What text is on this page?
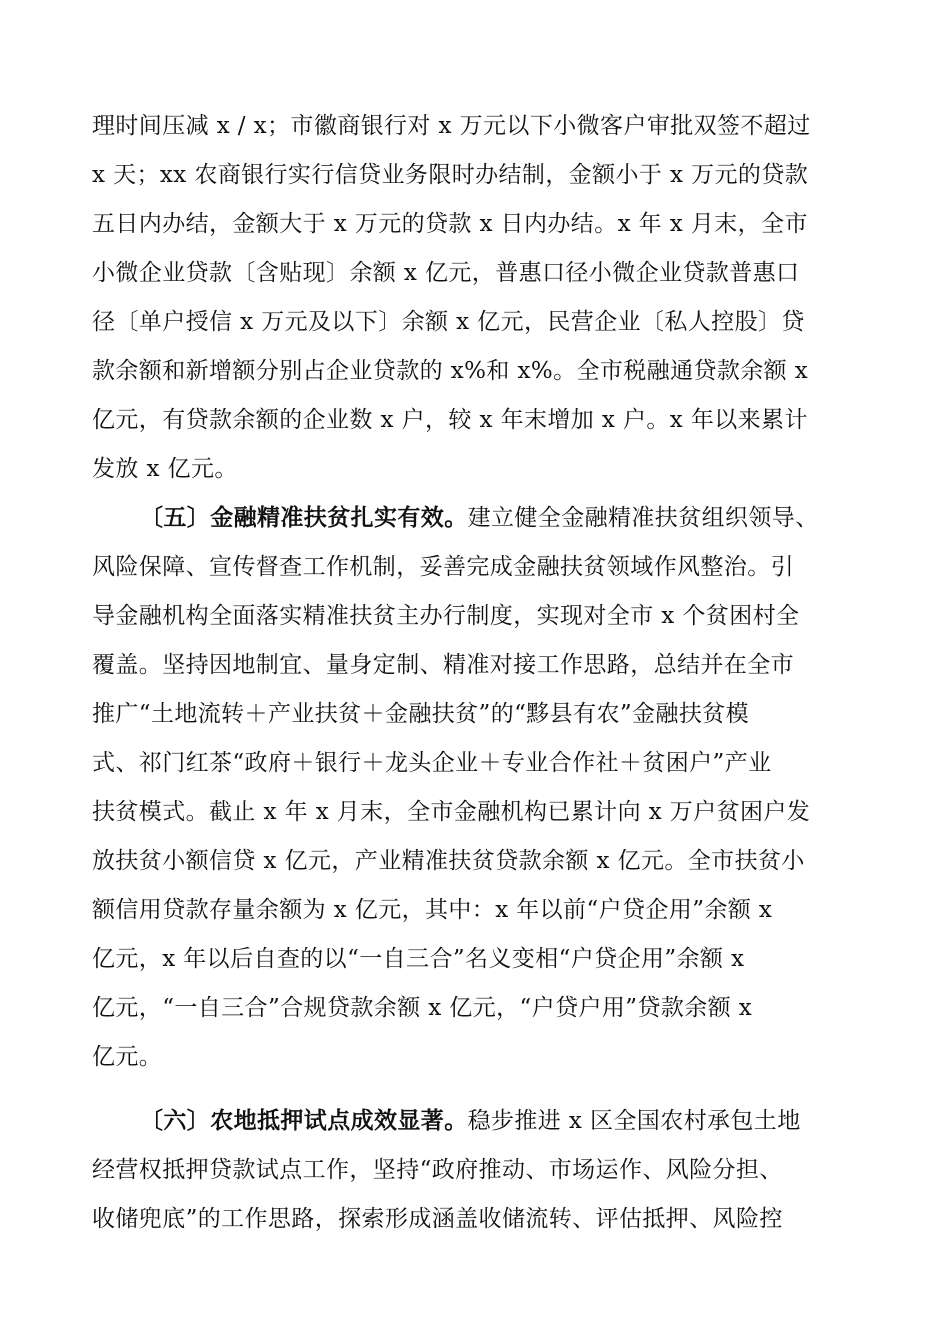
理时间压减 x / x；市徽商银行对 x 万元以下小微客户审批双签不超过
x 天；xx 农商银行实行信贷业务限时办结制，金额小于 x 万元的贷款
五日内办结，金额大于 x 万元的贷款 x 日内办结。x 年 x 月末，全市
小微企业贷款〔含贴现〕余额 x 亿元，普惠口径小微企业贷款普惠口
径〔单户授信 x 万元及以下〕余额 x 亿元，民营企业〔私人控股〕贷
款余额和新增额分别占企业贷款的 x%和 x%。全市税融通贷款余额 x
亿元，有贷款余额的企业数 x 户，较 x 年末增加 x 户。x 年以来累计
发放 x 亿元。
〔五〕金融精准扶贫扎实有效。建立健全金融精准扶贫组织领导、
风险保障、宣传督查工作机制，妥善完成金融扶贫领域作风整治。引
导金融机构全面落实精准扶贫主办行制度，实现对全市 x 个贫困村全
覆盖。坚持因地制宜、量身定制、精准对接工作思路，总结并在全市
推广“土地流转＋产业扶贫＋金融扶贫”的“黟县有农”金融扶贫模
式、祁门红茶“政府＋银行＋龙头企业＋专业合作社＋贫困户”产业
扶贫模式。截止 x 年 x 月末，全市金融机构已累计向 x 万户贫困户发
放扶贫小额信贷 x 亿元，产业精准扶贫贷款余额 x 亿元。全市扶贫小
额信用贷款存量余额为 x 亿元，其中：x 年以前“户贷企用”余额 x
亿元，x 年以后自查的以“一自三合”名义变相“户贷企用”余额 x
亿元，“一自三合”合规贷款余额 x 亿元，“户贷户用”贷款余额 x
亿元。
〔六〕农地抵押试点成效显著。稳步推进 x 区全国农村承包土地
经营权抵押贷款试点工作，坚持“政府推动、市场运作、风险分担、
收储兜底”的工作思路，探索形成涵盖收储流转、评估抵押、风险控
